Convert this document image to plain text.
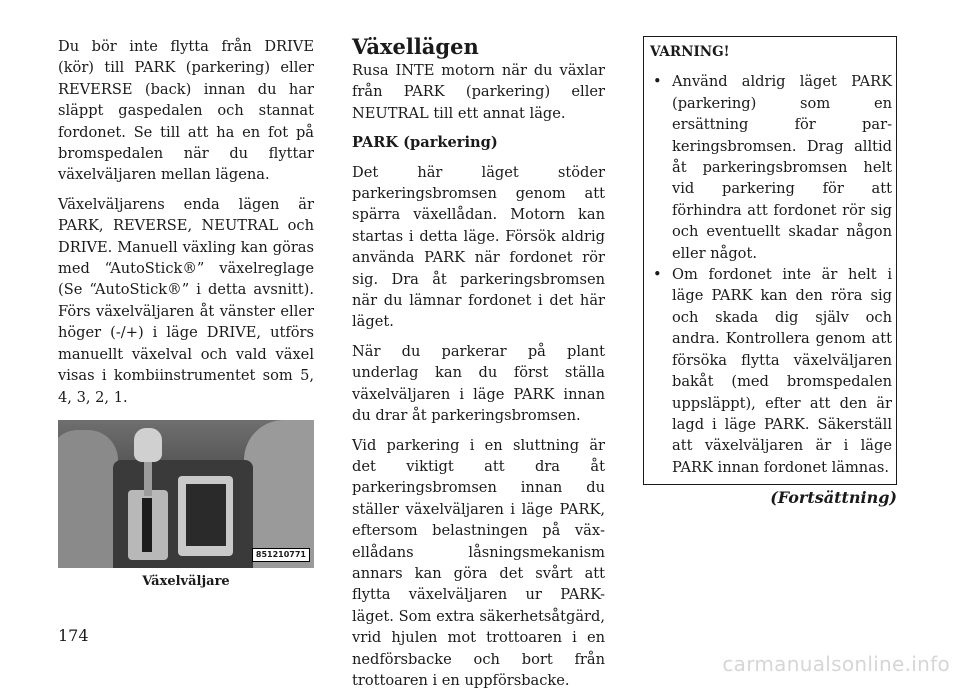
Du bör inte flytta från DRIVE (kör) till PARK (parkering) eller REVERSE (back) innan du har släppt gaspedalen och stannat fordonet. Se till att ha en fot på bromspedalen när du flyttar växelväljaren mellan lägena.

Växelväljarens enda lägen är PARK, REVERSE, NEUTRAL och DRIVE. Manuell växling kan göras med “AutoStick®” växelreglage (Se “AutoStick®” i detta avsnitt). Förs växelväljaren åt vänster eller höger (-/+) i läge DRIVE, utförs manuellt växelval och vald växel visas i kombiinstrumentet som 5, 4, 3, 2, 1.

851210771
Växelväljare
Växellägen

Rusa INTE motorn när du växlar från PARK (parkering) eller NEUTRAL till ett annat läge.

PARK (parkering)

Det här läget stöder parkeringsbromsen genom att spärra växellådan. Motorn kan startas i detta läge. Försök aldrig använda PARK när fordonet rör sig. Dra åt parkeringsbromsen när du lämnar fordonet i det här läget.

När du parkerar på plant underlag kan du först ställa växelväljaren i läge PARK innan du drar åt parkeringsbromsen.

Vid parkering i en sluttning är det viktigt att dra åt parkeringsbromsen innan du ställer växelväljaren i läge PARK, eftersom belastningen på växellådans låsningsmekanism annars kan göra det svårt att flytta växelväljaren ur PARK-läget. Som extra säkerhetsåtgärd, vrid hjulen mot trottoaren i en nedförsbacke och bort från trottoaren i en uppförsbacke.

VARNING!

• Använd aldrig läget PARK (parkering) som en ersättning för parkeringsbromsen. Drag alltid åt parkeringsbromsen helt vid parkering för att förhindra att fordonet rör sig och eventuellt skadar någon eller något.
• Om fordonet inte är helt i läge PARK kan den röra sig och skada dig själv och andra. Kontrollera genom att försöka flytta växelväljaren bakåt (med bromspedalen uppsläppt), efter att den är lagd i läge PARK. Säkerställ att växelväljaren är i läge PARK innan fordonet lämnas.
(Fortsättning)
174
carmanualsonline.info
